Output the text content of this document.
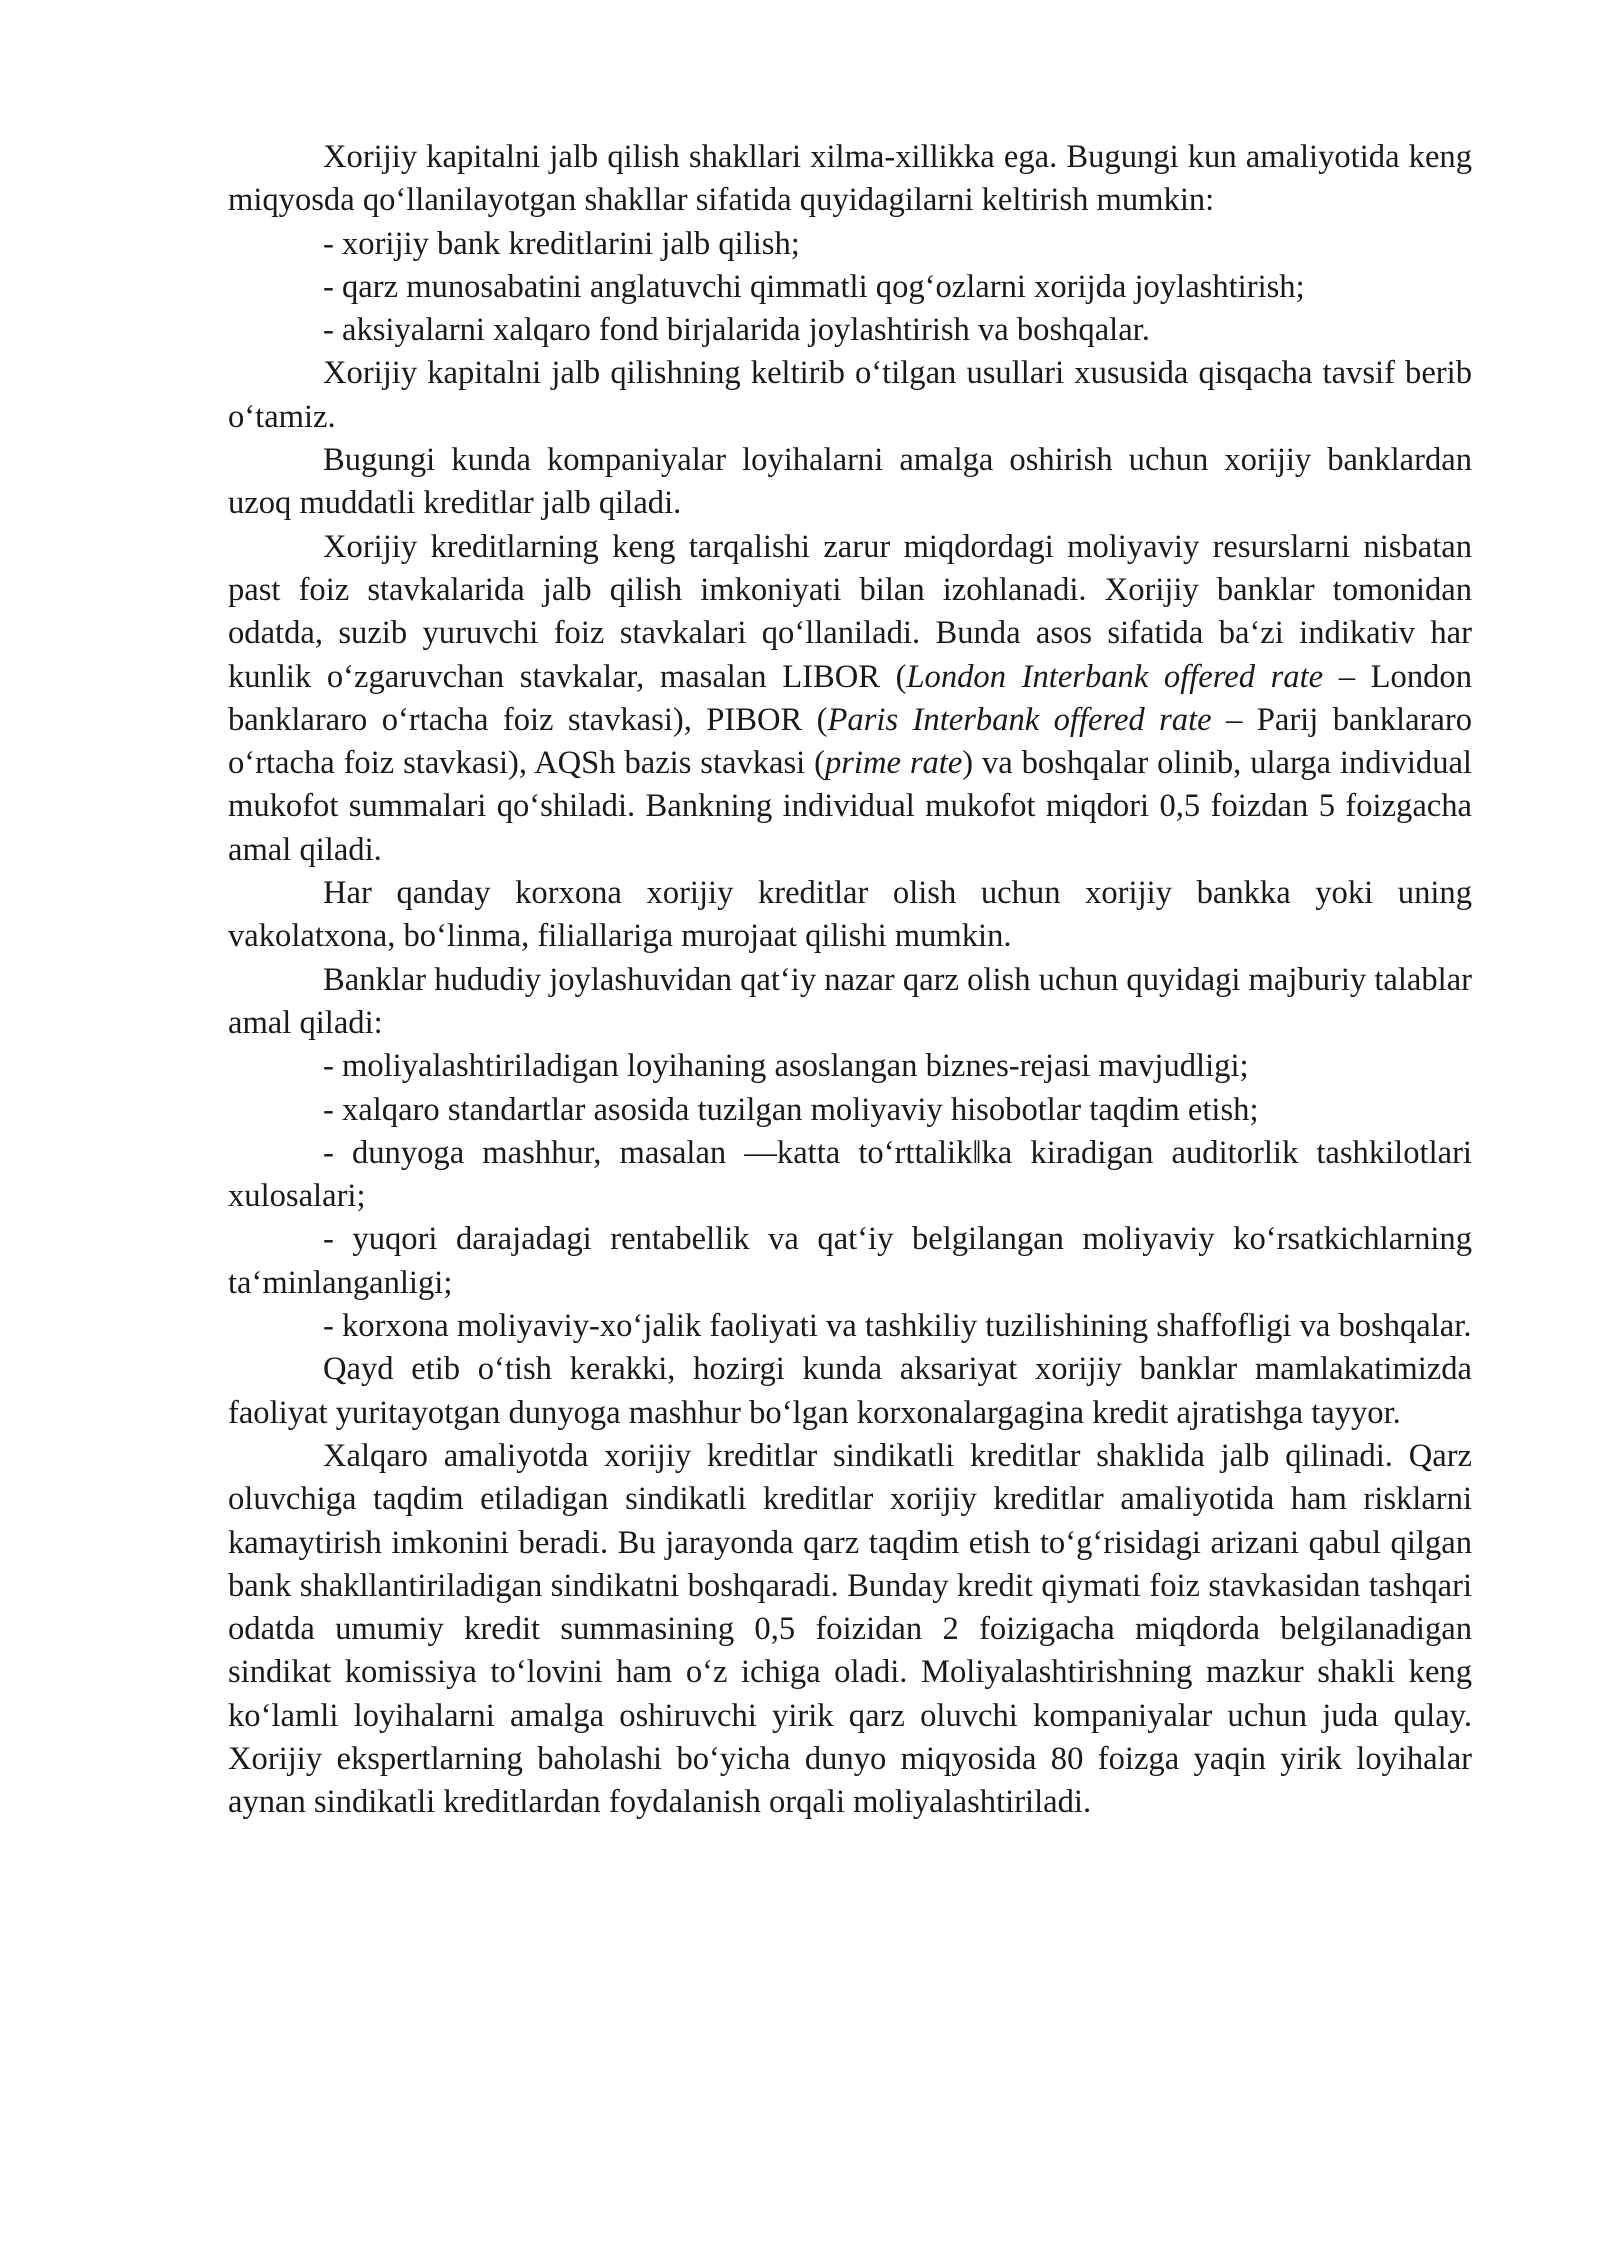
Xorijiy kapitalni jalb qilish shakllari xilma-xillikka ega. Bugungi kun amaliyotida keng miqyosda qo‘llanilayotgan shakllar sifatida quyidagilarni keltirish mumkin:

- xorijiy bank kreditlarini jalb qilish;

- qarz munosabatini anglatuvchi qimmatli qog‘ozlarni xorijda joylashtirish;

- aksiyalarni xalqaro fond birjalarida joylashtirish va boshqalar.

Xorijiy kapitalni jalb qilishning keltirib o‘tilgan usullari xususida qisqacha tavsif berib o‘tamiz.

Bugungi kunda kompaniyalar loyihalarni amalga oshirish uchun xorijiy banklardan uzoq muddatli kreditlar jalb qiladi.

Xorijiy kreditlarning keng tarqalishi zarur miqdordagi moliyaviy resurslarni nisbatan past foiz stavkalarida jalb qilish imkoniyati bilan izohlanadi. Xorijiy banklar tomonidan odatda, suzib yuruvchi foiz stavkalari qo‘llaniladi. Bunda asos sifatida ba‘zi indikativ har kunlik o‘zgaruvchan stavkalar, masalan LIBOR (London Interbank offered rate – London banklararo o‘rtacha foiz stavkasi), PIBOR (Paris Interbank offered rate – Parij banklararo o‘rtacha foiz stavkasi), AQSh bazis stavkasi (prime rate) va boshqalar olinib, ularga individual mukofot summalari qo‘shiladi. Bankning individual mukofot miqdori 0,5 foizdan 5 foizgacha amal qiladi.

Har qanday korxona xorijiy kreditlar olish uchun xorijiy bankka yoki uning vakolatxona, bo‘linma, filiallariga murojaat qilishi mumkin.

Banklar hududiy joylashuvidan qat‘iy nazar qarz olish uchun quyidagi majburiy talablar amal qiladi:

- moliyalashtiriladigan loyihaning asoslangan biznes-rejasi mavjudligi;

- xalqaro standartlar asosida tuzilgan moliyaviy hisobotlar taqdim etish;

- dunyoga mashhur, masalan ―katta to‘rttalik‖ka kiradigan auditorlik tashkilotlari xulosalari;

- yuqori darajadagi rentabellik va qat‘iy belgilangan moliyaviy ko‘rsatkichlarning ta‘minlanganligi;

- korxona moliyaviy-xo‘jalik faoliyati va tashkiliy tuzilishining shaffofligi va boshqalar.

Qayd etib o‘tish kerakki, hozirgi kunda aksariyat xorijiy banklar mamlakatimizda faoliyat yuritayotgan dunyoga mashhur bo‘lgan korxonalargagina kredit ajratishga tayyor.

Xalqaro amaliyotda xorijiy kreditlar sindikatli kreditlar shaklida jalb qilinadi. Qarz oluvchiga taqdim etiladigan sindikatli kreditlar xorijiy kreditlar amaliyotida ham risklarni kamaytirish imkonini beradi. Bu jarayonda qarz taqdim etish to‘g‘risidagi arizani qabul qilgan bank shakllantiriladigan sindikatni boshqaradi. Bunday kredit qiymati foiz stavkasidan tashqari odatda umumiy kredit summasining 0,5 foizidan 2 foizigacha miqdorda belgilanadigan sindikat komissiya to‘lovini ham o‘z ichiga oladi. Moliyalashtirishning mazkur shakli keng ko‘lamli loyihalarni amalga oshiruvchi yirik qarz oluvchi kompaniyalar uchun juda qulay. Xorijiy ekspertlarning baholashi bo‘yicha dunyo miqyosida 80 foizga yaqin yirik loyihalar aynan sindikatli kreditlardan foydalanish orqali moliyalashtiriladi.
